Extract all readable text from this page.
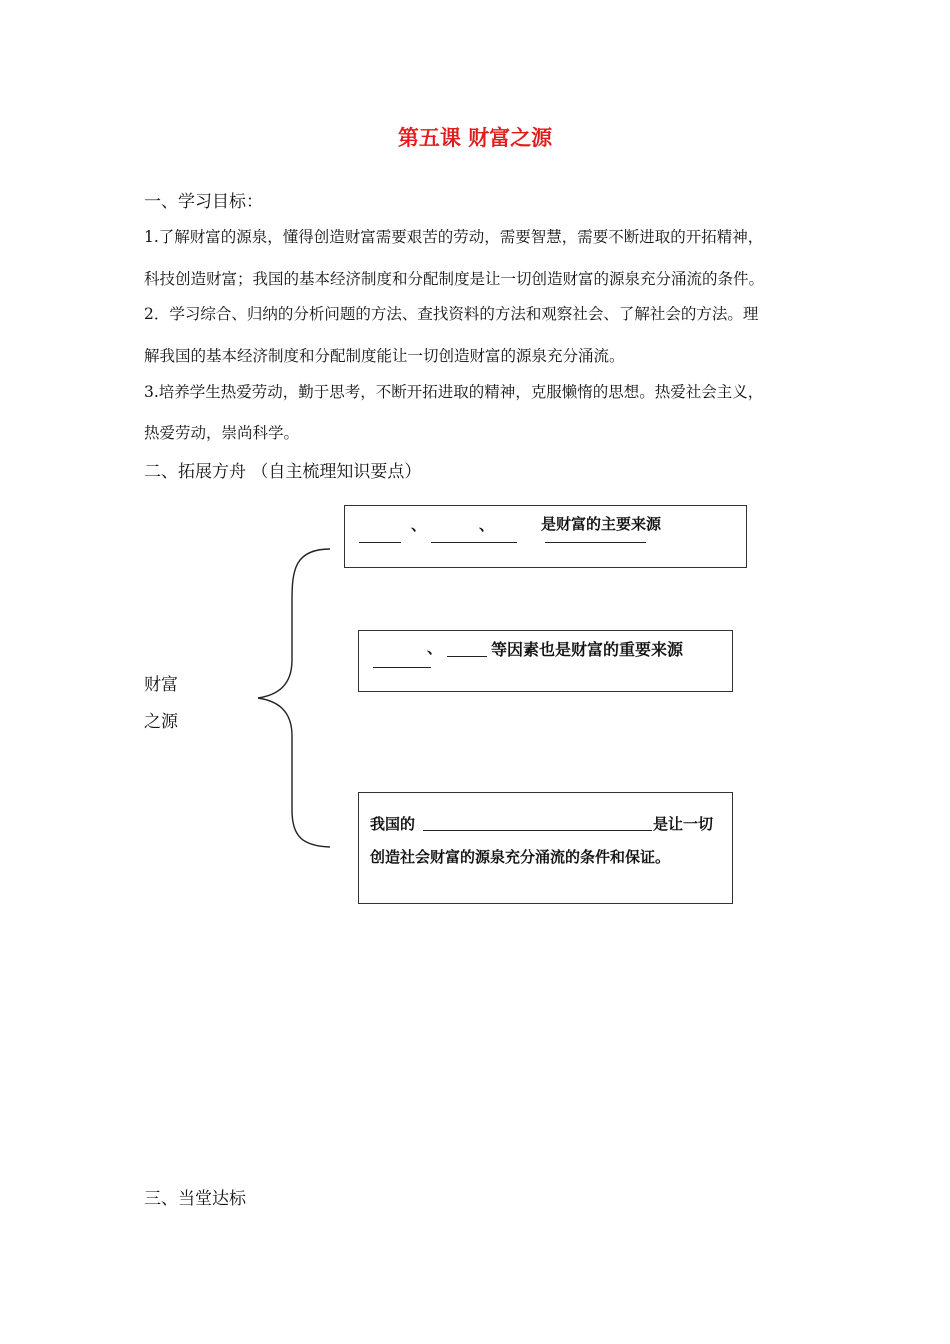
第五课 财富之源
一、学习目标：
1.了解财富的源泉，懂得创造财富需要艰苦的劳动，需要智慧，需要不断进取的开拓精神，
科技创造财富；我国的基本经济制度和分配制度是让一切创造财富的源泉充分涌流的条件。
2．学习综合、归纳的分析问题的方法、查找资料的方法和观察社会、了解社会的方法。理
解我国的基本经济制度和分配制度能让一切创造财富的源泉充分涌流。
3.培养学生热爱劳动，勤于思考，不断开拓进取的精神，克服懒惰的思想。热爱社会主义，
热爱劳动，崇尚科学。
二、拓展方舟 （自主梳理知识要点）
财富
之源
、	、	是财富的主要来源
、	等因素也是财富的重要来源
我国的	是让一切
创造社会财富的源泉充分涌流的条件和保证。
三、当堂达标
